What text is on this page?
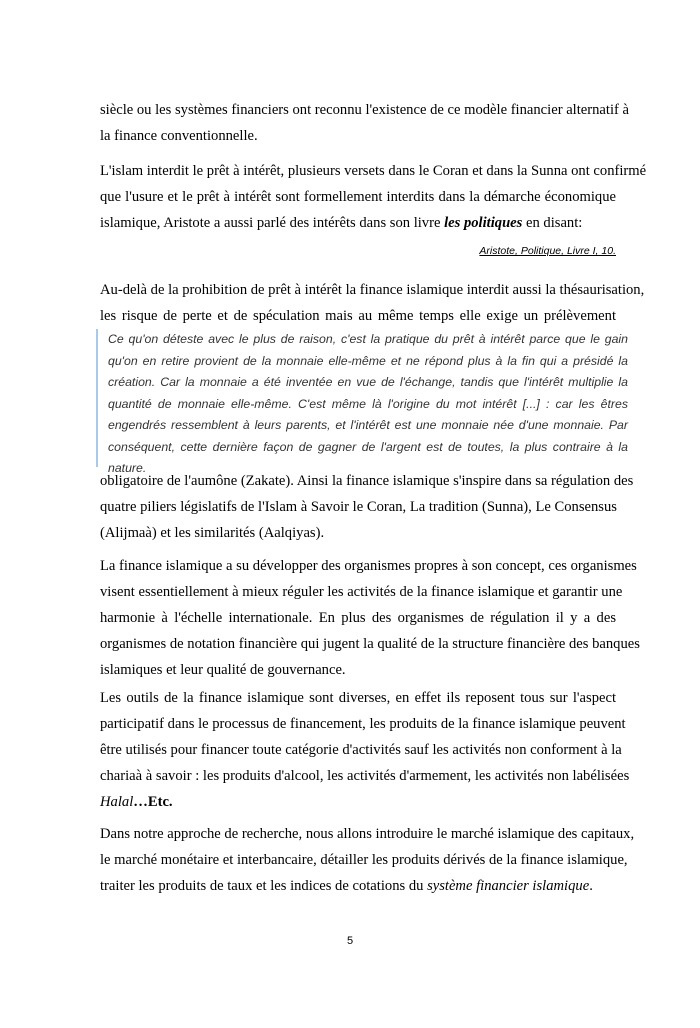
siècle ou les systèmes financiers ont reconnu l'existence de ce modèle financier alternatif à
la finance conventionnelle.

L'islam interdit le prêt à intérêt, plusieurs versets dans le Coran et dans la Sunna ont confirmé
que l'usure et le prêt à intérêt sont formellement interdits dans la démarche économique
islamique, Aristote a aussi parlé des intérêts dans son livre les politiques en disant:

Aristote, Politique, Livre I, 10.

Au-delà de la prohibition de prêt à intérêt la finance islamique interdit aussi la thésaurisation,
les risque de perte et de spéculation mais au même temps elle exige un prélèvement

Ce qu'on déteste avec le plus de raison, c'est la pratique du prêt à intérêt parce que le gain
qu'on en retire provient de la monnaie elle-même et ne répond plus à la fin qui a présidé la
création. Car la monnaie a été inventée en vue de l'échange, tandis que l'intérêt multiplie la
quantité de monnaie elle-même. C'est même là l'origine du mot intérêt [...] : car les êtres
engendrés ressemblent à leurs parents, et l'intérêt est une monnaie née d'une monnaie. Par
conséquent, cette dernière façon de gagner de l'argent est de toutes, la plus contraire à la
nature.

obligatoire de l'aumône (Zakate). Ainsi la finance islamique s'inspire dans sa régulation des
quatre piliers législatifs de l'Islam à Savoir le Coran, La tradition (Sunna), Le Consensus
(Alijmaà) et les similarités (Aalqiyas).

La finance islamique a su développer des organismes propres à son concept, ces organismes
visent essentiellement à mieux réguler les activités de la finance islamique et garantir une
harmonie à l'échelle internationale. En plus des organismes de régulation il y a des
organismes de notation financière qui jugent la qualité de la structure financière des banques
islamiques et leur qualité de gouvernance.

Les outils de la finance islamique sont diverses, en effet ils reposent tous sur l'aspect
participatif dans le processus de financement, les produits de la finance islamique peuvent
être utilisés pour financer toute catégorie d'activités sauf les activités non conforment à la
chariaà à savoir : les produits d'alcool, les activités d'armement, les activités non labélisées
Halal…Etc.

Dans notre approche de recherche, nous allons introduire le marché islamique des capitaux,
le marché monétaire et interbancaire, détailler les produits dérivés de la finance islamique,
traiter les produits de taux et les indices de cotations du système financier islamique.

5
